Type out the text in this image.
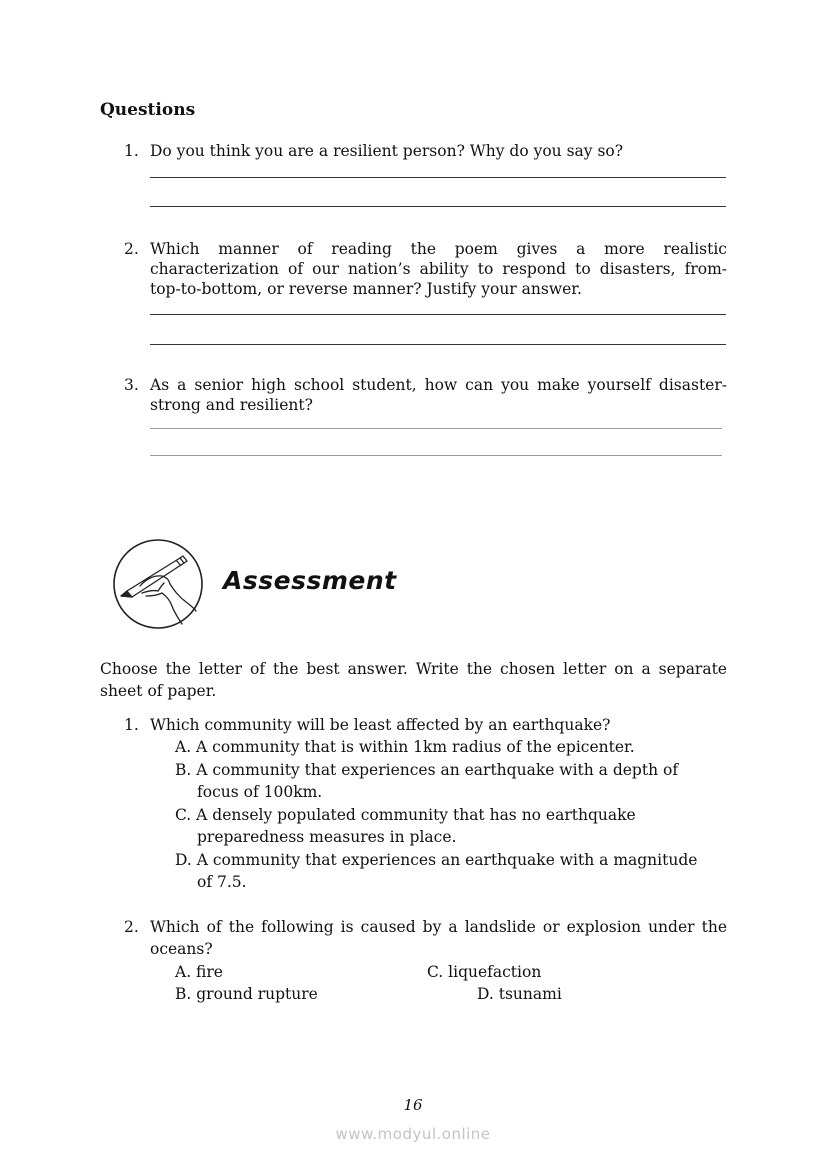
Questions
1. Do you think you are a resilient person? Why do you say so?

2. Which manner of reading the poem gives a more realistic
characterization of our nation’s ability to respond to disasters, from-
top-to-bottom, or reverse manner? Justify your answer.
3. As a senior high school student, how can you make yourself disaster-
strong and resilient?
Assessment

Choose the letter of the best answer. Write the chosen letter on a separate sheet of paper.

1. Which community will be least affected by an earthquake?
A. A community that is within 1km radius of the epicenter.
B. A community that experiences an earthquake with a depth of
focus of 100km.
C. A densely populated community that has no earthquake
preparedness measures in place.
D. A community that experiences an earthquake with a magnitude
of 7.5.
2. Which of the following is caused by a landslide or explosion under the
oceans?
A. fire	C. liquefaction
B. ground rupture	D. tsunami
16
www.modyul.online
